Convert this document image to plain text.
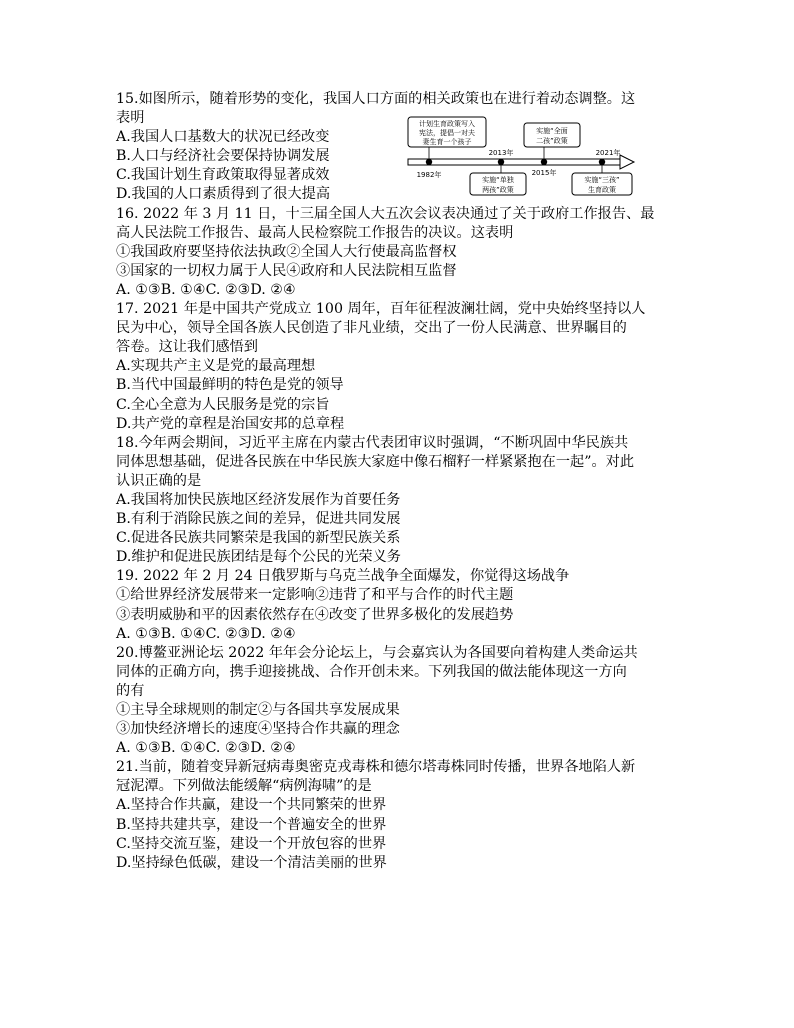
15.如图所示，随着形势的变化，我国人口方面的相关政策也在进行着动态调整。这
表明
A.我国人口基数大的状况已经改变
B.人口与经济社会要保持协调发展
C.我国计划生育政策取得显著成效
D.我国的人口素质得到了很大提高
16. 2022 年 3 月 11 日，十三届全国人大五次会议表决通过了关于政府工作报告、最
高人民法院工作报告、最高人民检察院工作报告的决议。这表明
①我国政府要坚持依法执政②全国人大行使最高监督权
③国家的一切权力属于人民④政府和人民法院相互监督
A. ①③B. ①④C. ②③D. ②④
17. 2021 年是中国共产党成立 100 周年，百年征程波澜壮阔，党中央始终坚持以人
民为中心，领导全国各族人民创造了非凡业绩，交出了一份人民满意、世界瞩目的
答卷。这让我们感悟到
A.实现共产主义是党的最高理想
B.当代中国最鲜明的特色是党的领导
C.全心全意为人民服务是党的宗旨
D.共产党的章程是治国安邦的总章程
18.今年两会期间，习近平主席在内蒙古代表团审议时强调，“不断巩固中华民族共
同体思想基础，促进各民族在中华民族大家庭中像石榴籽一样紧紧抱在一起”。对此
认识正确的是
A.我国将加快民族地区经济发展作为首要任务
B.有利于消除民族之间的差异，促进共同发展
C.促进各民族共同繁荣是我国的新型民族关系
D.维护和促进民族团结是每个公民的光荣义务
19. 2022 年 2 月 24 日俄罗斯与乌克兰战争全面爆发，你觉得这场战争
①给世界经济发展带来一定影响②违背了和平与合作的时代主题
③表明威胁和平的因素依然存在④改变了世界多极化的发展趋势
A. ①③B. ①④C. ②③D. ②④
20.博鳌亚洲论坛 2022 年年会分论坛上，与会嘉宾认为各国要向着构建人类命运共
同体的正确方向，携手迎接挑战、合作开创未来。下列我国的做法能体现这一方向
的有
①主导全球规则的制定②与各国共享发展成果
③加快经济增长的速度④坚持合作共赢的理念
A. ①③B. ①④C. ②③D. ②④
21.当前，随着变异新冠病毒奥密克戎毒株和德尔塔毒株同时传播，世界各地陷人新
冠泥潭。下列做法能缓解“病例海啸”的是
A.坚持合作共赢，建设一个共同繁荣的世界
B.坚持共建共享，建设一个普遍安全的世界
C.坚持交流互鉴，建设一个开放包容的世界
D.坚持绿色低碳，建设一个清洁美丽的世界
计划生育政策写入
宪法，提倡一对夫
妻生育一个孩子
实施“全面
二孩”政策
实施“单独
两孩”政策
实施“三孩”
生育政策
1982年
2013年
2015年
2021年
